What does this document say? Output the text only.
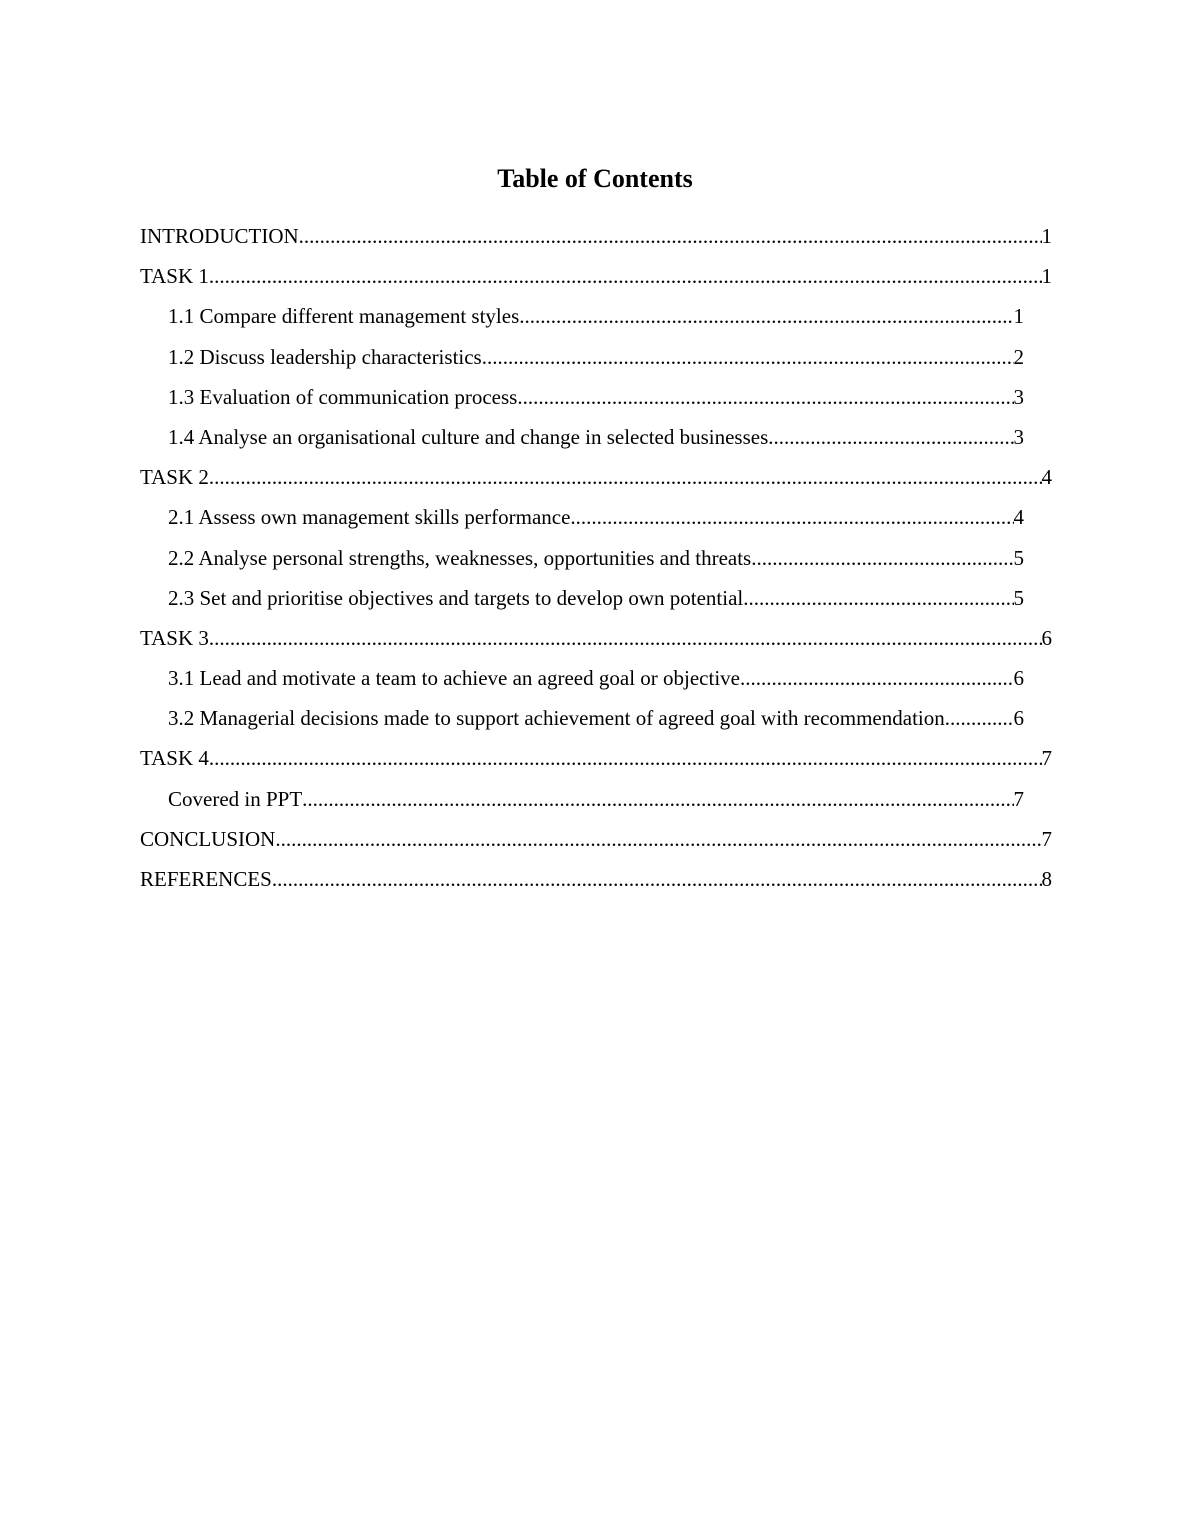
Table of Contents
INTRODUCTION .....	1
TASK 1 .....	1
1.1 Compare different management styles .....	1
1.2 Discuss leadership characteristics .....	2
1.3 Evaluation of communication process .....	3
1.4 Analyse an organisational culture and change in selected businesses .....	3
TASK 2 .....	4
2.1 Assess own management skills performance .....	4
2.2 Analyse personal strengths, weaknesses, opportunities and threats .....	5
2.3 Set and prioritise objectives and targets to develop own potential .....	5
TASK 3 .....	6
3.1 Lead and motivate a team to achieve an agreed goal or objective .....	6
3.2 Managerial decisions made to support achievement of agreed goal with recommendation. .....	6
TASK 4 .....	7
Covered in PPT .....	7
CONCLUSION .....	7
REFERENCES .....	8
